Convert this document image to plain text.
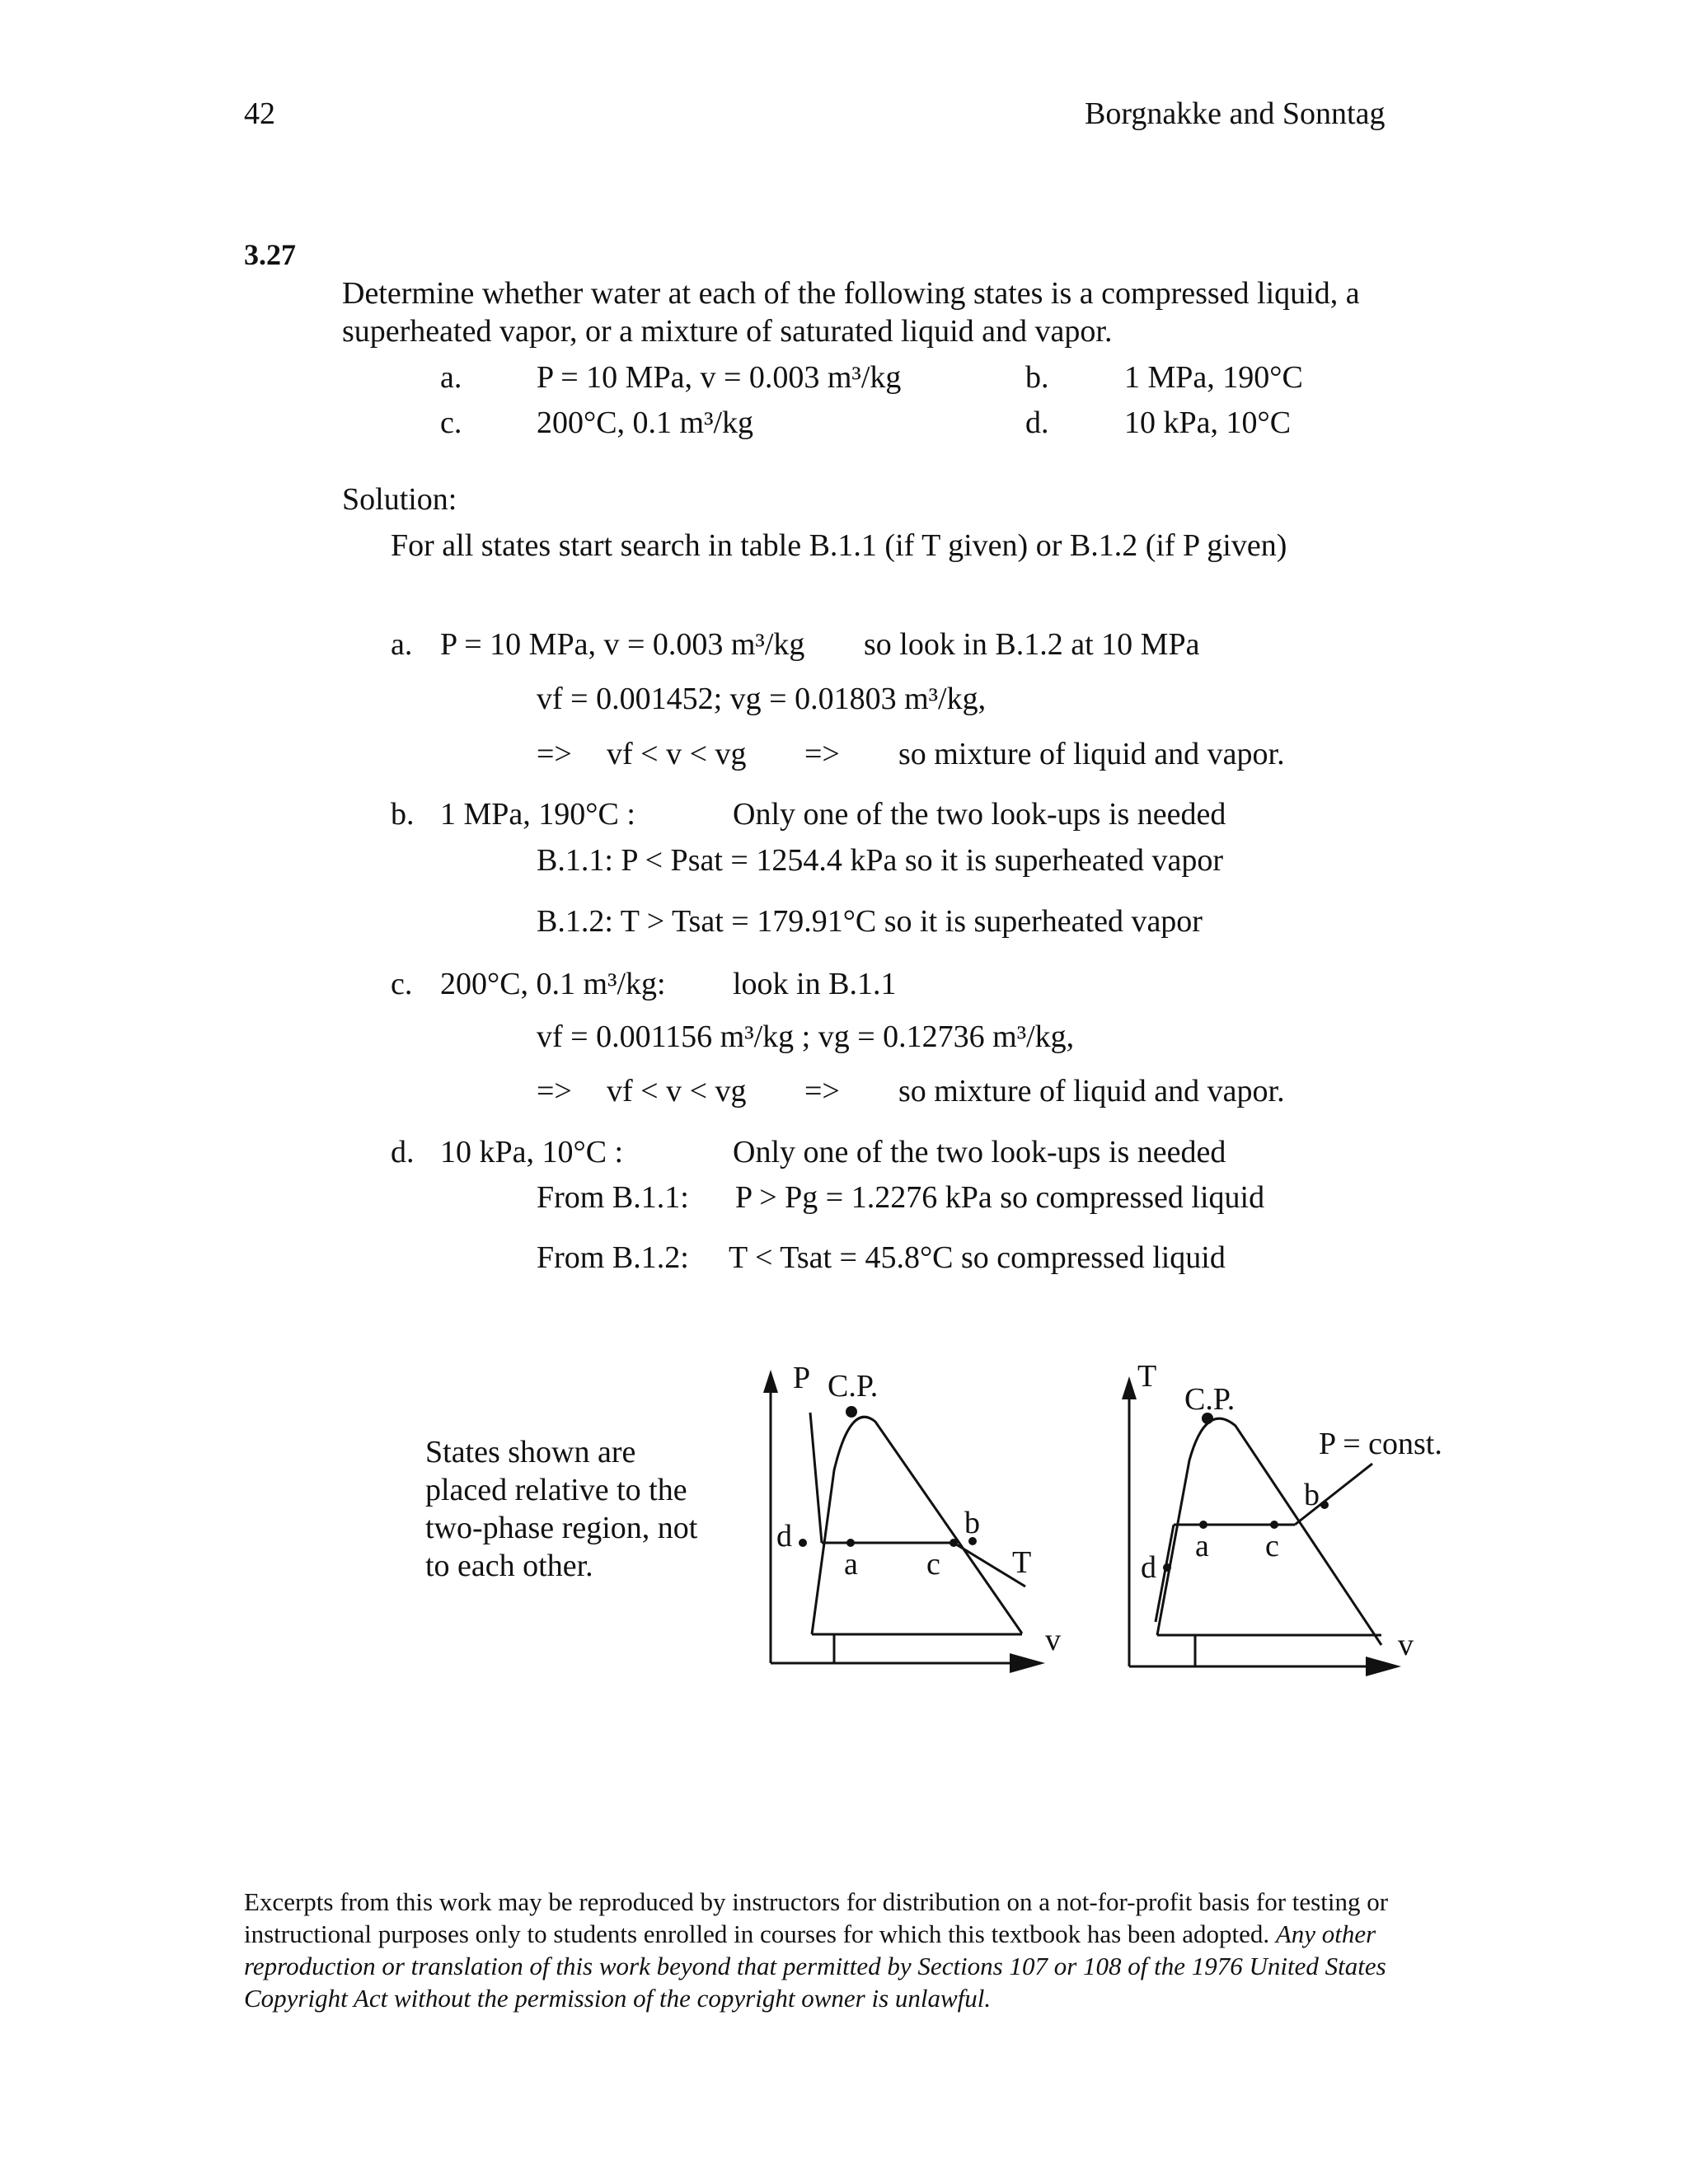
42	Borgnakke and Sonntag
3.27
Determine whether water at each of the following states is a compressed liquid, a
superheated vapor, or a mixture of saturated liquid and vapor.
a. P = 10 MPa, v = 0.003 m³/kg	b. 1 MPa, 190°C
c. 200°C, 0.1 m³/kg	d. 10 kPa, 10°C
Solution:
For all states start search in table B.1.1 (if T given) or B.1.2 (if P given)
a. P = 10 MPa, v = 0.003 m³/kg so look in B.1.2 at 10 MPa
vf = 0.001452; vg = 0.01803 m³/kg,
=> vf < v < vg => so mixture of liquid and vapor.
b. 1 MPa, 190°C :	Only one of the two look-ups is needed
B.1.1: P < Psat = 1254.4 kPa so it is superheated vapor
B.1.2: T > Tsat = 179.91°C so it is superheated vapor
c. 200°C, 0.1 m³/kg: look in B.1.1
vf = 0.001156 m³/kg ; vg = 0.12736 m³/kg,
=> vf < v < vg => so mixture of liquid and vapor.
d. 10 kPa, 10°C :	Only one of the two look-ups is needed
From B.1.1: P > Pg = 1.2276 kPa so compressed liquid
From B.1.2: T < Tsat = 45.8°C so compressed liquid
States shown are
placed relative to the
two-phase region, not
to each other.
P C.P.
d
a c
b
T
v
T
C.P.
P = const.
b
a c
d
v
Excerpts from this work may be reproduced by instructors for distribution on a not-for-profit basis for testing or instructional purposes only to students enrolled in courses for which this textbook has been adopted. Any other reproduction or translation of this work beyond that permitted by Sections 107 or 108 of the 1976 United States Copyright Act without the permission of the copyright owner is unlawful.
